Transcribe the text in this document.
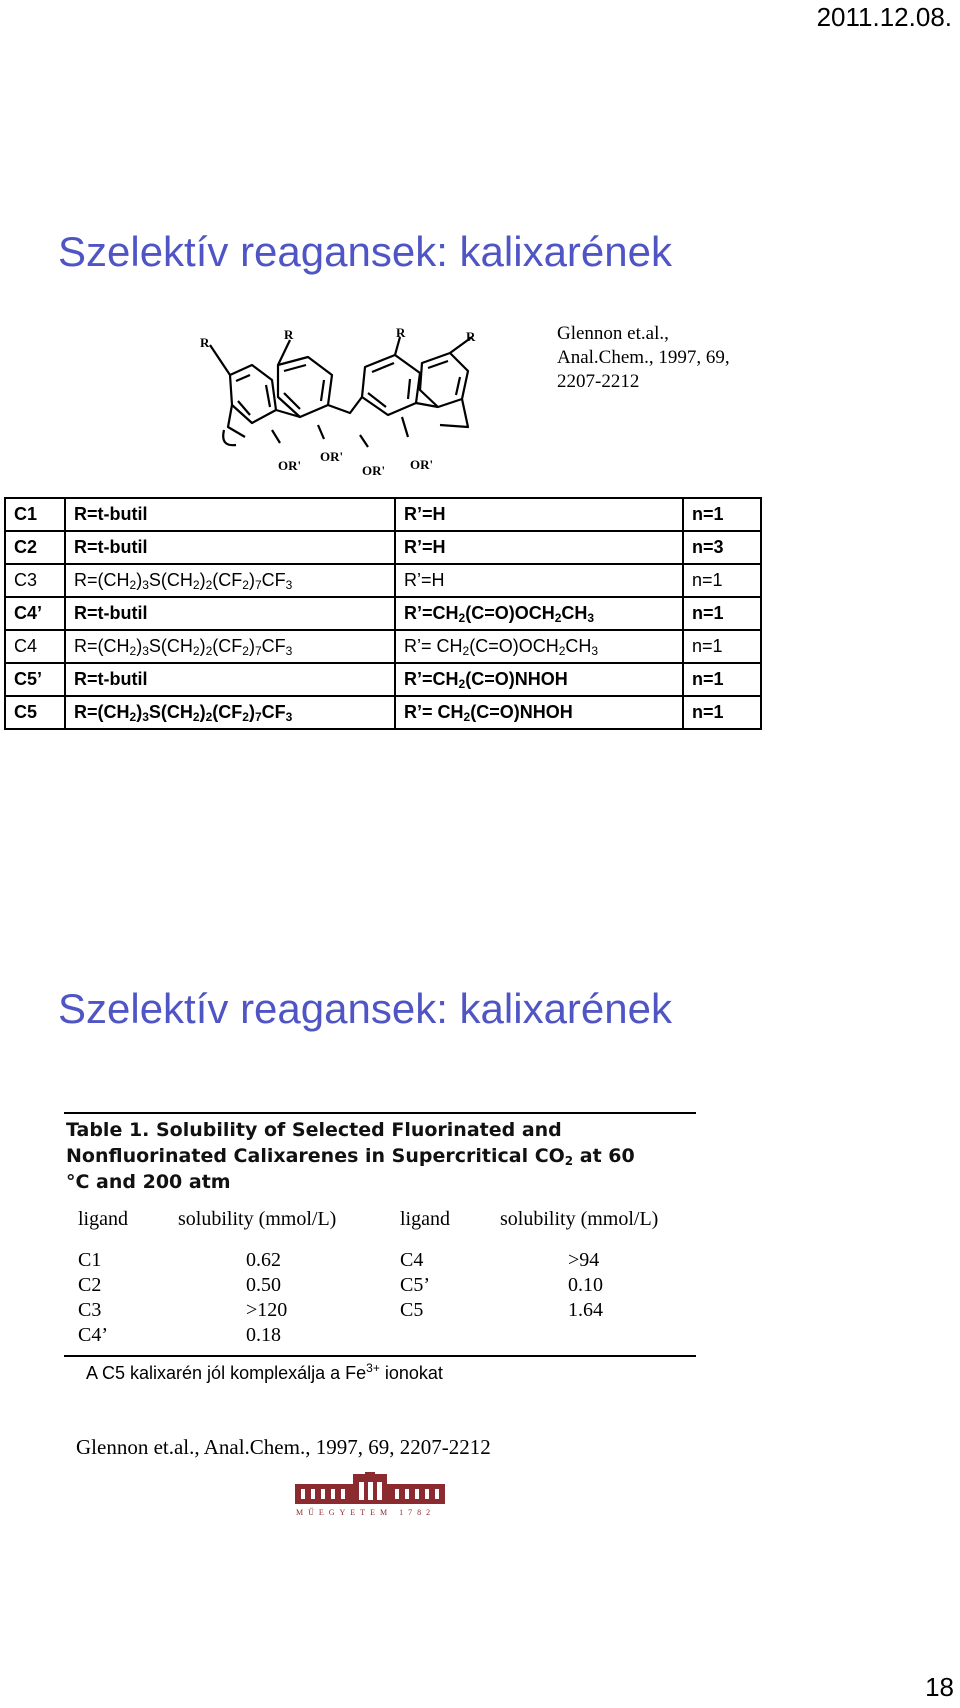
2011.12.08.
Szelektív reagansek: kalixarének
R
R	R	R
OR'
OR'
OR' OR'
Glennon et.al.,
Anal.Chem., 1997, 69,
2207-2212
C1	R=t-butil	R’=H	n=1
C2	R=t-butil	R’=H	n=3
C3	$R=(CH_2)_3S(CH_2)_2(CF_2)_7CF_3$	R’=H	n=1
C4’	R=t-butil	$R’=CH_2(C=O)OCH_2CH_3$	n=1
C4	$R=(CH_2)_3S(CH_2)_2(CF_2)_7CF_3$	R’= $CH_2(C=O)OCH_2CH_3$	n=1
C5’	R=t-butil	$R’=CH_2(C=O)NHOH$	n=1
C5	$R=(CH_2)_3S(CH_2)_2(CF_2)_7CF_3$	R’= $CH_2(C=O)NHOH$	n=1
Szelektív reagansek: kalixarének
Table 1. Solubility of Selected Fluorinated and
Nonfluorinated Calixarenes in Supercritical $CO_2$ at 60
°C and 200 atm
ligand	solubility (mmol/L)	ligand	solubility (mmol/L)
C1	0.62	C4	>94
C2	0.50	C5’	0.10
C3	>120	C5	1.64
C4’	0.18		
A C5 kalixarén jól komplexálja a $Fe^{3+}$ ionokat
Glennon et.al., Anal.Chem., 1997, 69, 2207-2212
MŰEGYETEM 1782
18
